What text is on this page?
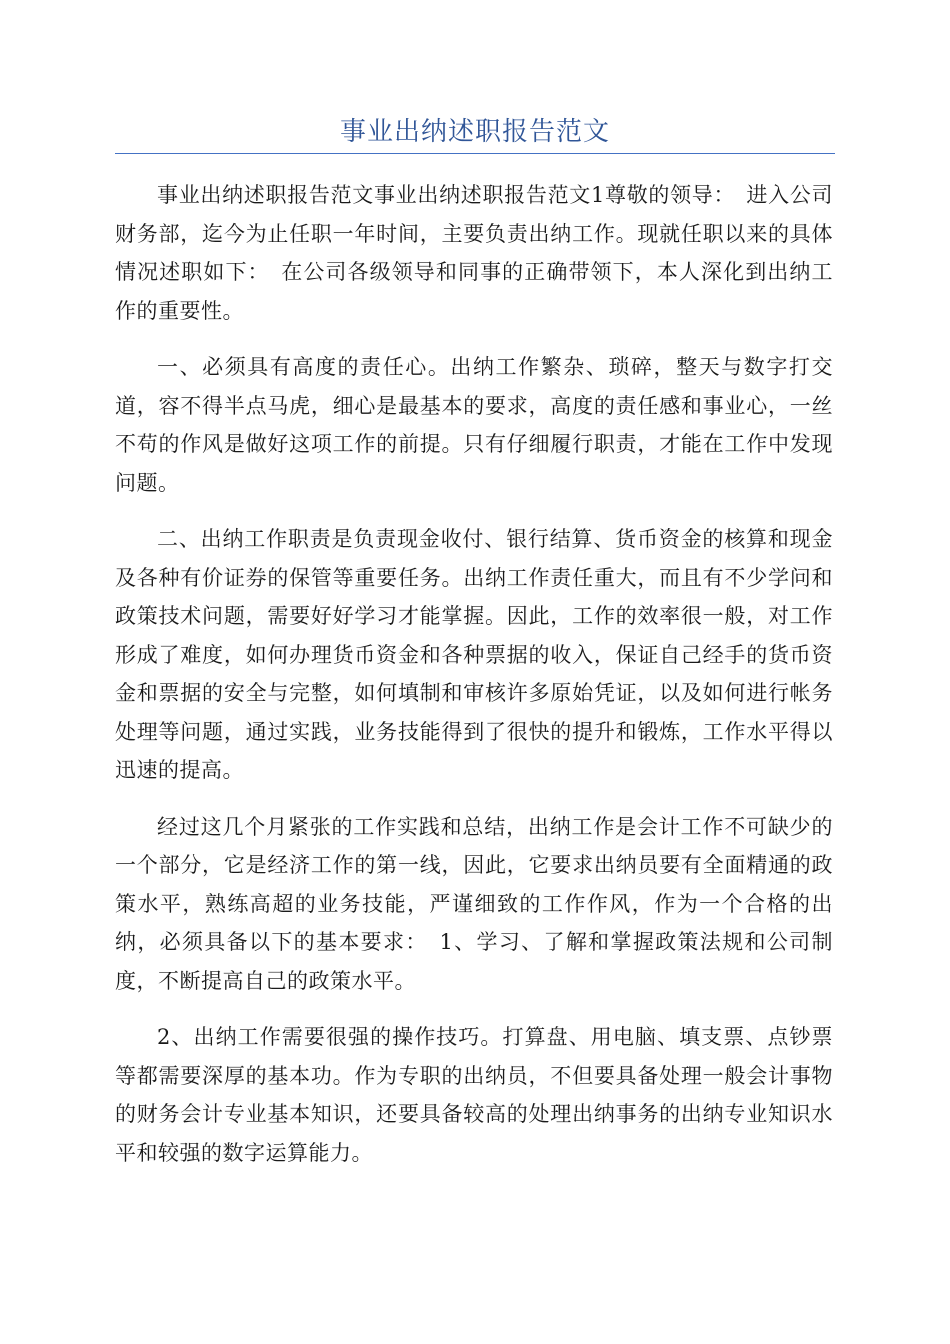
事业出纳述职报告范文

事业出纳述职报告范文事业出纳述职报告范文1尊敬的领导：　进入公司财务部，迄今为止任职一年时间，主要负责出纳工作。现就任职以来的具体情况述职如下：　在公司各级领导和同事的正确带领下，本人深化到出纳工作的重要性。

一、必须具有高度的责任心。出纳工作繁杂、琐碎，整天与数字打交道，容不得半点马虎，细心是最基本的要求，高度的责任感和事业心，一丝不苟的作风是做好这项工作的前提。只有仔细履行职责，才能在工作中发现问题。

二、出纳工作职责是负责现金收付、银行结算、货币资金的核算和现金及各种有价证券的保管等重要任务。出纳工作责任重大，而且有不少学问和政策技术问题，需要好好学习才能掌握。因此，工作的效率很一般，对工作形成了难度，如何办理货币资金和各种票据的收入，保证自己经手的货币资金和票据的安全与完整，如何填制和审核许多原始凭证，以及如何进行帐务处理等问题，通过实践，业务技能得到了很快的提升和锻炼，工作水平得以迅速的提高。

经过这几个月紧张的工作实践和总结，出纳工作是会计工作不可缺少的一个部分，它是经济工作的第一线，因此，它要求出纳员要有全面精通的政策水平，熟练高超的业务技能，严谨细致的工作作风，作为一个合格的出纳，必须具备以下的基本要求：　1、学习、了解和掌握政策法规和公司制度，不断提高自己的政策水平。

2、出纳工作需要很强的操作技巧。打算盘、用电脑、填支票、点钞票等都需要深厚的基本功。作为专职的出纳员，不但要具备处理一般会计事物的财务会计专业基本知识，还要具备较高的处理出纳事务的出纳专业知识水平和较强的数字运算能力。
